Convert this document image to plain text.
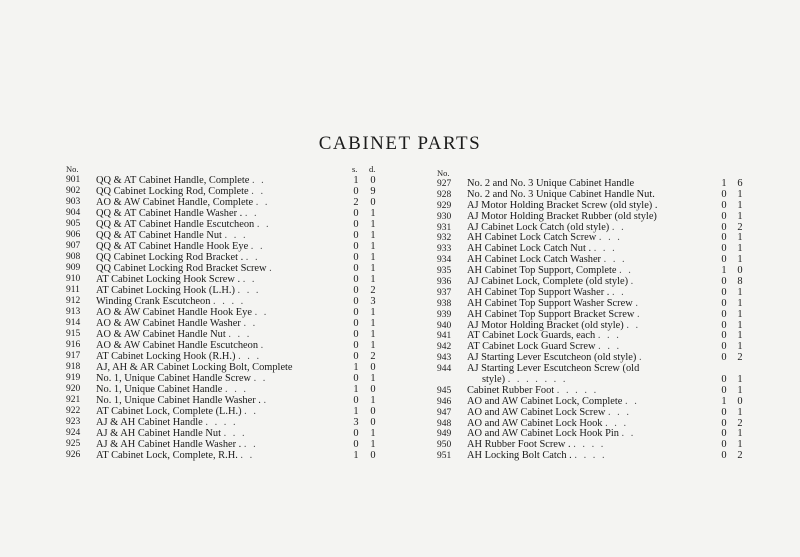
CABINET PARTS
No.	s. d.
901	QQ & AT Cabinet Handle, Complete . .	1 0
902	QQ Cabinet Locking Rod, Complete . .	0 9
903	AO & AW Cabinet Handle, Complete . .	2 0
904	QQ & AT Cabinet Handle Washer . . .	0 1
905	QQ & AT Cabinet Handle Escutcheon . .	0 1
906	QQ & AT Cabinet Handle Nut . . .	0 1
907	QQ & AT Cabinet Handle Hook Eye . .	0 1
908	QQ Cabinet Locking Rod Bracket . . .	0 1
909	QQ Cabinet Locking Rod Bracket Screw .	0 1
910	AT Cabinet Locking Hook Screw . . .	0 1
911	AT Cabinet Locking Hook (L.H.) . . .	0 2
912	Winding Crank Escutcheon . . . .	0 3
913	AO & AW Cabinet Handle Hook Eye . .	0 1
914	AO & AW Cabinet Handle Washer . .	0 1
915	AO & AW Cabinet Handle Nut . . .	0 1
916	AO & AW Cabinet Handle Escutcheon .	0 1
917	AT Cabinet Locking Hook (R.H.) . . .	0 2
918	AJ, AH & AR Cabinet Locking Bolt, Complete	1 0
919	No. 1, Unique Cabinet Handle Screw . .	0 1
920	No. 1, Unique Cabinet Handle . . .	1 0
921	No. 1, Unique Cabinet Handle Washer . .	0 1
922	AT Cabinet Lock, Complete (L.H.) . .	1 0
923	AJ & AH Cabinet Handle . . . .	3 0
924	AJ & AH Cabinet Handle Nut . . .	0 1
925	AJ & AH Cabinet Handle Washer . . .	0 1
926	AT Cabinet Lock, Complete, R.H. . .	1 0
No.
927	No. 2 and No. 3 Unique Cabinet Handle	1 6
928	No. 2 and No. 3 Unique Cabinet Handle Nut.	0 1
929	AJ Motor Holding Bracket Screw (old style) .	0 1
930	AJ Motor Holding Bracket Rubber (old style)	0 1
931	AJ Cabinet Lock Catch (old style) . .	0 2
932	AH Cabinet Lock Catch Screw . . .	0 1
933	AH Cabinet Lock Catch Nut . . . .	0 1
934	AH Cabinet Lock Catch Washer . . .	0 1
935	AH Cabinet Top Support, Complete . .	1 0
936	AJ Cabinet Lock, Complete (old style) .	0 8
937	AH Cabinet Top Support Washer . . .	0 1
938	AH Cabinet Top Support Washer Screw .	0 1
939	AH Cabinet Top Support Bracket Screw .	0 1
940	AJ Motor Holding Bracket (old style) . .	0 1
941	AT Cabinet Lock Guards, each . . .	0 1
942	AT Cabinet Lock Guard Screw . . .	0 1
943	AJ Starting Lever Escutcheon (old style) .	0 2
944	AJ Starting Lever Escutcheon Screw (old
style) . . . . . . .	0 1
945	Cabinet Rubber Foot . . . . .	0 1
946	AO and AW Cabinet Lock, Complete . .	1 0
947	AO and AW Cabinet Lock Screw . . .	0 1
948	AO and AW Cabinet Lock Hook . . .	0 2
949	AO and AW Cabinet Lock Hook Pin . .	0 1
950	AH Rubber Foot Screw . . . . .	0 1
951	AH Locking Bolt Catch . . . . .	0 2
